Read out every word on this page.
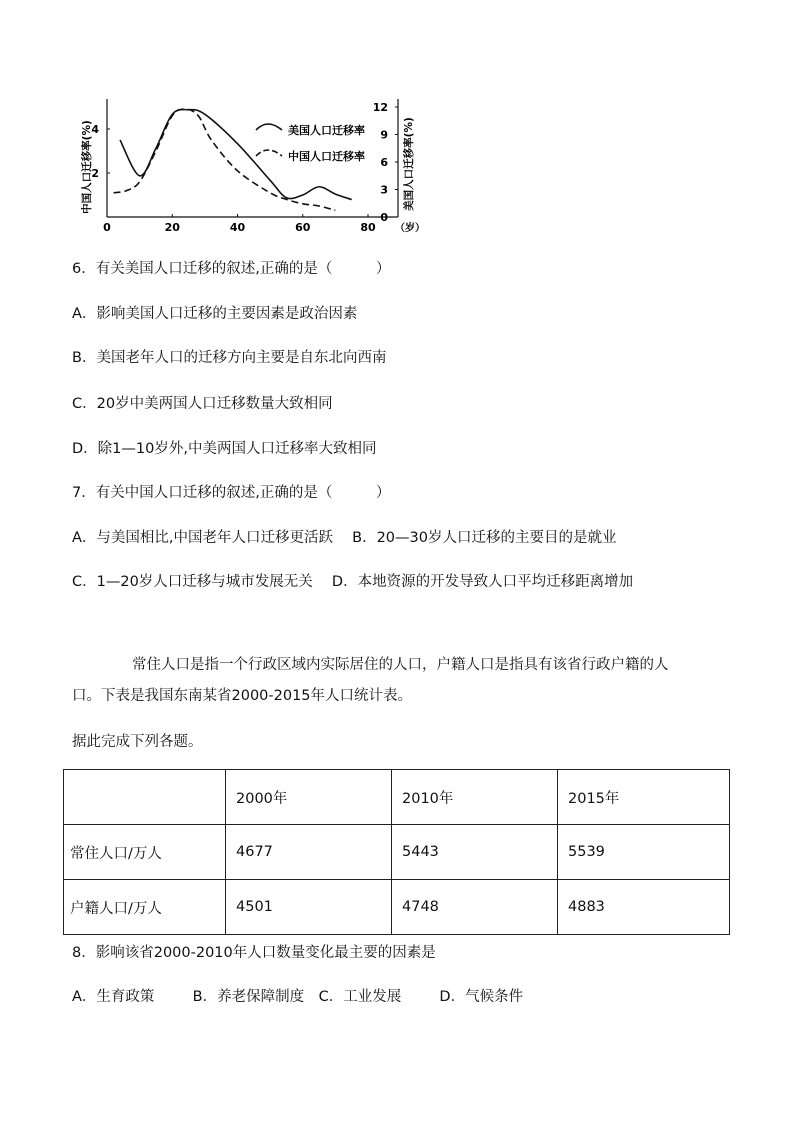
0	20	40	60	80 （岁）
2
4
0
3
6
9
12
中国人口迁移率(%)	美国人口迁移率(%)
美国人口迁移率
中国人口迁移率
6．有关美国人口迁移的叙述,正确的是（　　　）
A．影响美国人口迁移的主要因素是政治因素
B．美国老年人口的迁移方向主要是自东北向西南
C．20岁中美两国人口迁移数量大致相同
D．除1—10岁外,中美两国人口迁移率大致相同
7．有关中国人口迁移的叙述,正确的是（　　　）
A．与美国相比,中国老年人口迁移更活跃　 B．20—30岁人口迁移的主要目的是就业
C．1—20岁人口迁移与城市发展无关　 D．本地资源的开发导致人口平均迁移距离增加
常住人口是指一个行政区域内实际居住的人口，户籍人口是指具有该省行政户籍的人
口。下表是我国东南某省2000-2015年人口统计表。
据此完成下列各题。
	2000年	2010年	2015年
常住人口/万人	4677	5443	5539
户籍人口/万人	4501	4748	4883
8．影响该省2000-2010年人口数量变化最主要的因素是
A．生育政策　 　 B．养老保障制度　C．工业发展　 　 D．气候条件
